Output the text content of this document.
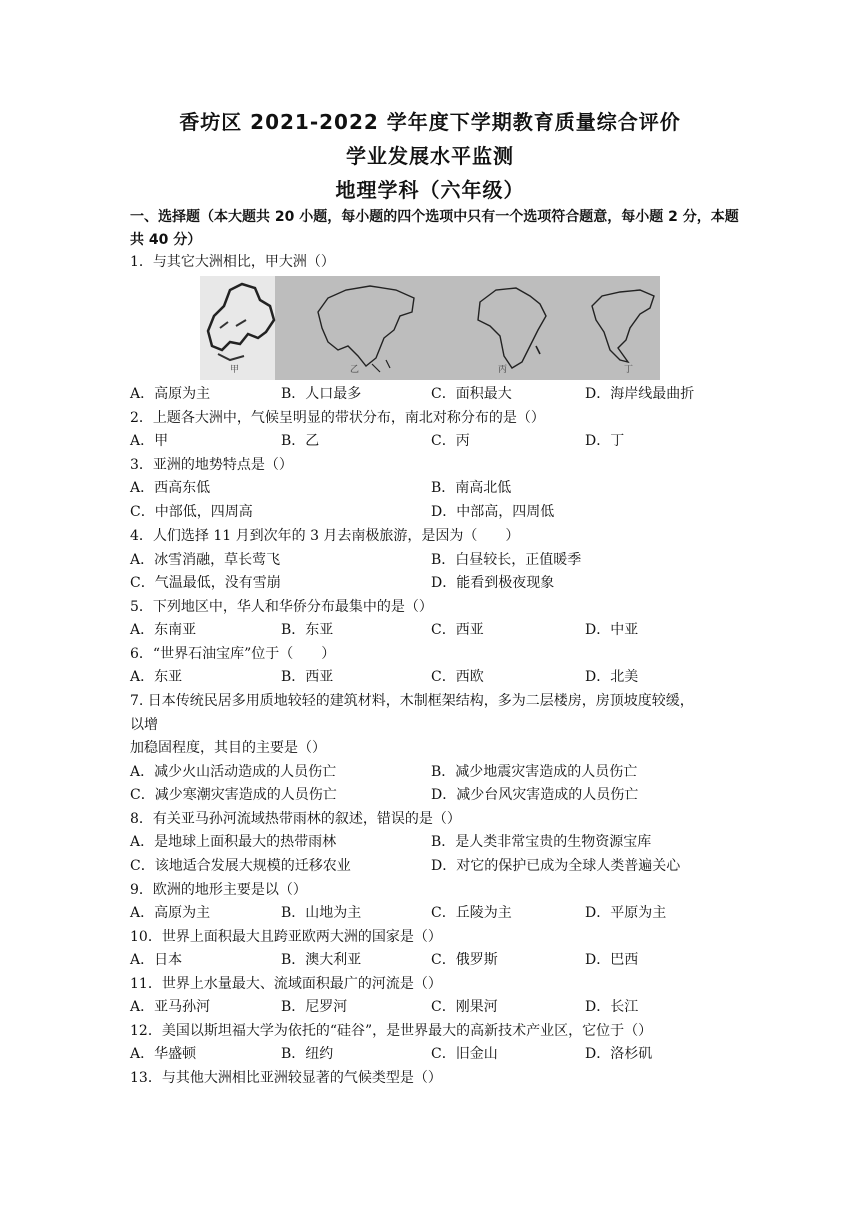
香坊区 2021-2022 学年度下学期教育质量综合评价
学业发展水平监测
地理学科（六年级）
一、选择题（本大题共 20 小题，每小题的四个选项中只有一个选项符合题意，每小题 2 分，本题共 40 分）
1．与其它大洲相比，甲大洲（）
甲	乙	丙	丁
A．高原为主	B．人口最多	C．面积最大	D．海岸线最曲折
2．上题各大洲中，气候呈明显的带状分布，南北对称分布的是（）
A．甲	B．乙	C．丙	D．丁
3．亚洲的地势特点是（）
A．西高东低	B．南高北低
C．中部低，四周高	D．中部高，四周低
4．人们选择 11 月到次年的 3 月去南极旅游，是因为（　　）
A．冰雪消融，草长莺飞	B．白昼较长，正值暖季
C．气温最低，没有雪崩	D．能看到极夜现象
5．下列地区中，华人和华侨分布最集中的是（）
A．东南亚	B．东亚	C．西亚	D．中亚
6．“世界石油宝库”位于（　　）
A．东亚	B．西亚	C．西欧	D．北美
7. 日本传统民居多用质地较轻的建筑材料，木制框架结构，多为二层楼房，房顶坡度较缓，
以增
加稳固程度，其目的主要是（）
A．减少火山活动造成的人员伤亡	B．减少地震灾害造成的人员伤亡
C．减少寒潮灾害造成的人员伤亡	D．减少台风灾害造成的人员伤亡
8．有关亚马孙河流域热带雨林的叙述，错误的是（）
A．是地球上面积最大的热带雨林	B．是人类非常宝贵的生物资源宝库
C．该地适合发展大规模的迁移农业	D．对它的保护已成为全球人类普遍关心
9．欧洲的地形主要是以（）
A．高原为主	B．山地为主	C．丘陵为主	D．平原为主
10．世界上面积最大且跨亚欧两大洲的国家是（）
A．日本	B．澳大利亚	C．俄罗斯	D．巴西
11．世界上水量最大、流域面积最广的河流是（）
A．亚马孙河	B．尼罗河	C．刚果河	D．长江
12．美国以斯坦福大学为依托的“硅谷”，是世界最大的高新技术产业区，它位于（）
A．华盛顿	B．纽约	C．旧金山	D．洛杉矶
13．与其他大洲相比亚洲较显著的气候类型是（）
